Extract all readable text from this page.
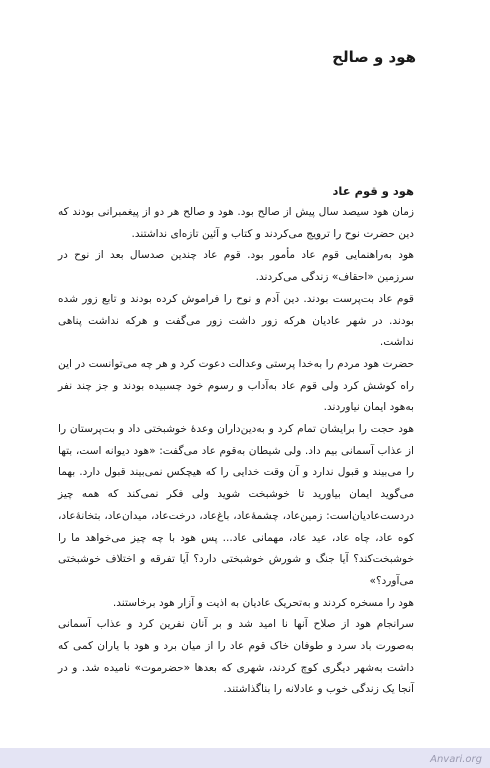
هود و صالح
هود و قوم عاد

زمان هود سیصد سال پیش از صالح بود. هود و صالح هر دو از پیغمبرانی بودند که دین حضرت نوح را ترویج می‌کردند و کتاب و آئین تازه‌ای نداشتند.

هود به‌راهنمایی قوم عاد مأمور بود. قوم عاد چندین صدسال بعد از نوح در سرزمین «احقاف» زندگی می‌کردند.

قوم عاد بت‌پرست بودند. دین آدم و نوح را فراموش کرده بودند و تابع زور شده بودند. در شهر عادیان هرکه زور داشت زور می‌گفت و هرکه نداشت پناهی نداشت.

حضرت هود مردم را به‌خدا پرستی وعدالت دعوت کرد و هر چه می‌توانست در این راه کوشش کرد ولی قوم عاد به‌آداب و رسوم خود چسبیده بودند و جز چند نفر به‌هود ایمان نیاوردند.

هود حجت را برایشان تمام کرد و به‌دین‌داران وعدهٔ خوشبختی داد و بت‌پرستان را از عذاب آسمانی بیم داد. ولی شیطان به‌قوم عاد می‌گفت: «هود دیوانه است، بتها را می‌بیند و قبول ندارد و آن وقت خدایی را که هیچکس نمی‌بیند قبول دارد. بهما می‌گوید ایمان بیاورید تا خوشبخت شوید ولی فکر نمی‌کند که همه چیز دردست‌عادیان‌است: زمین‌عاد، چشمهٔ‌عاد، باغ‌عاد، درخت‌عاد، میدان‌عاد، بتخانهٔ‌عاد، کوه عاد، چاه عاد، عید عاد، مهمانی عاد... پس هود با چه چیز می‌خواهد ما را خوشبخت‌کند؟ آیا جنگ و شورش خوشبختی دارد؟ آیا تفرقه و اختلاف خوشبختی می‌آورد؟»

هود را مسخره کردند و به‌تحریک عادیان به اذیت و آزار هود برخاستند.

سرانجام هود از صلاح آنها نا امید شد و بر آنان نفرین کرد و عذاب آسمانی به‌صورت باد سرد و طوفان خاک قوم عاد را از میان برد و هود با یاران کمی که داشت به‌شهر دیگری کوچ کردند، شهری که بعدها «حضرموت» نامیده شد. و در آنجا یک زندگی خوب و عادلانه را بناگذاشتند.

Anvari.org
